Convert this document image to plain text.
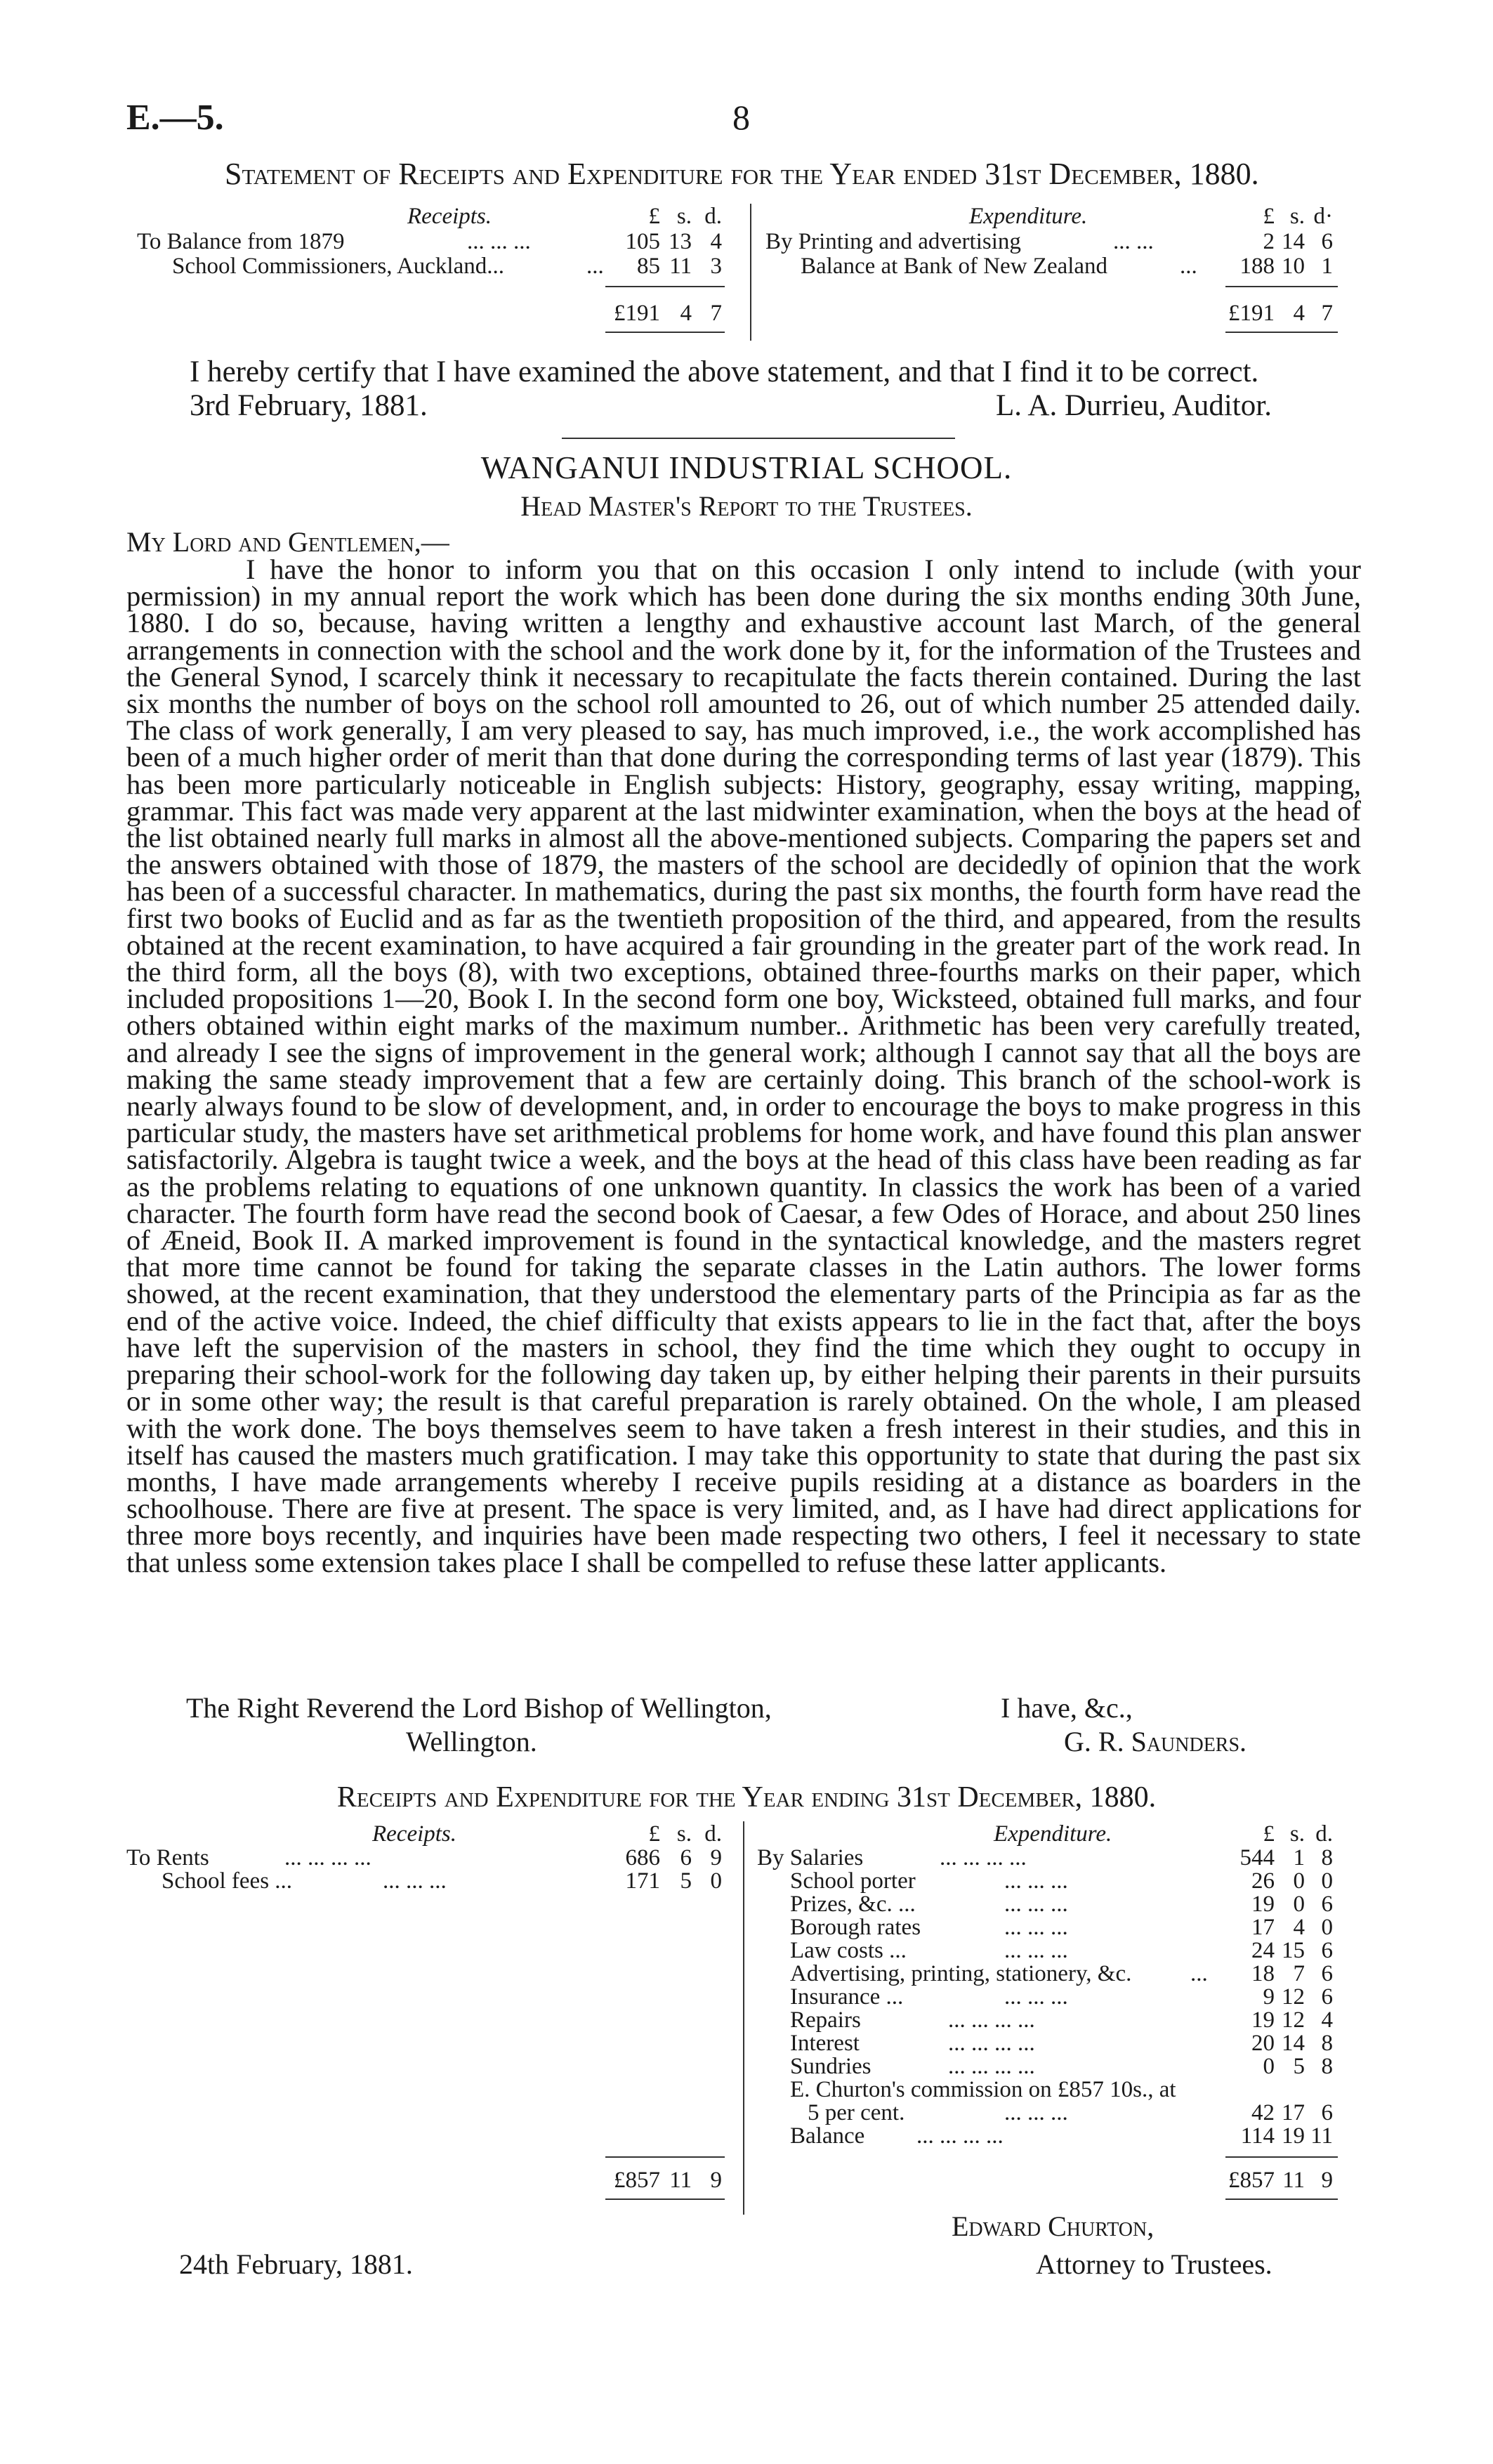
E.—5.	8
Statement of Receipts and Expenditure for the Year ended 31st December, 1880.
Receipts.	£ s. d.	Expenditure.	£ s. d·
To Balance from 1879	... ... ...	105 13 4
School Commissioners, Auckland...	...	85 11 3
By Printing and advertising	... ...	2 14 6
Balance at Bank of New Zealand	...	188 10 1
£191 4 7	£191 4 7
I hereby certify that I have examined the above statement, and that I find it to be correct.
3rd February, 1881.	L. A. Durrieu, Auditor.
WANGANUI INDUSTRIAL SCHOOL.
Head Master's Report to the Trustees.
My Lord and Gentlemen,—
I have the honor to inform you that on this occasion I only intend to include (with your permission) in my annual report the work which has been done during the six months ending 30th June, 1880. I do so, because, having written a lengthy and exhaustive account last March, of the general arrangements in connection with the school and the work done by it, for the information of the Trustees and the General Synod, I scarcely think it necessary to recapitulate the facts therein contained. During the last six months the number of boys on the school roll amounted to 26, out of which number 25 attended daily. The class of work generally, I am very pleased to say, has much improved, i.e., the work accomplished has been of a much higher order of merit than that done during the corresponding terms of last year (1879). This has been more particularly noticeable in English subjects: History, geography, essay writing, mapping, grammar. This fact was made very apparent at the last midwinter examination, when the boys at the head of the list obtained nearly full marks in almost all the above-mentioned subjects. Comparing the papers set and the answers obtained with those of 1879, the masters of the school are decidedly of opinion that the work has been of a successful character. In mathematics, during the past six months, the fourth form have read the first two books of Euclid and as far as the twentieth proposition of the third, and appeared, from the results obtained at the recent examination, to have acquired a fair grounding in the greater part of the work read. In the third form, all the boys (8), with two exceptions, obtained three-fourths marks on their paper, which included propositions 1—20, Book I. In the second form one boy, Wicksteed, obtained full marks, and four others obtained within eight marks of the maximum number.. Arithmetic has been very carefully treated, and already I see the signs of improvement in the general work; although I cannot say that all the boys are making the same steady improvement that a few are certainly doing. This branch of the school-work is nearly always found to be slow of development, and, in order to encourage the boys to make progress in this particular study, the masters have set arithmetical problems for home work, and have found this plan answer satisfactorily. Algebra is taught twice a week, and the boys at the head of this class have been reading as far as the problems relating to equations of one unknown quantity. In classics the work has been of a varied character. The fourth form have read the second book of Caesar, a few Odes of Horace, and about 250 lines of Æneid, Book II. A marked improvement is found in the syntactical knowledge, and the masters regret that more time cannot be found for taking the separate classes in the Latin authors. The lower forms showed, at the recent examination, that they understood the elementary parts of the Principia as far as the end of the active voice. Indeed, the chief difficulty that exists appears to lie in the fact that, after the boys have left the supervision of the masters in school, they find the time which they ought to occupy in preparing their school-work for the following day taken up, by either helping their parents in their pursuits or in some other way; the result is that careful preparation is rarely obtained. On the whole, I am pleased with the work done. The boys themselves seem to have taken a fresh interest in their studies, and this in itself has caused the masters much gratification. I may take this opportunity to state that during the past six months, I have made arrangements whereby I receive pupils residing at a distance as boarders in the schoolhouse. There are five at present. The space is very limited, and, as I have had direct applications for three more boys recently, and inquiries have been made respecting two others, I feel it necessary to state that unless some extension takes place I shall be compelled to refuse these latter applicants.
The Right Reverend the Lord Bishop of Wellington,
Wellington.
I have, &c.,
G. R. Saunders.
Receipts and Expenditure for the Year ending 31st December, 1880.
Receipts.	£ s. d.	Expenditure.	£ s. d.
To Rents	... ... ... ...	686 6 9
School fees ...	... ... ...	171 5 0
By Salaries	... ... ... ...	544 1 8
School porter	... ... ...	26 0 0
Prizes, &c. ...	... ... ...	19 0 6
Borough rates	... ... ...	17 4 0
Law costs ...	... ... ...	24 15 6
Advertising, printing, stationery, &c.	...	18 7 6
Insurance ...	... ... ...	9 12 6
Repairs	... ... ... ...	19 12 4
Interest	... ... ... ...	20 14 8
Sundries	... ... ... ...	0 5 8
E. Churton's commission on £857 10s., at
5 per cent.	... ... ...	42 17 6
Balance ... ... ... ...	114 19 11
£857 11 9	£857 11 9
24th February, 1881.
Edward Churton,
Attorney to Trustees.
